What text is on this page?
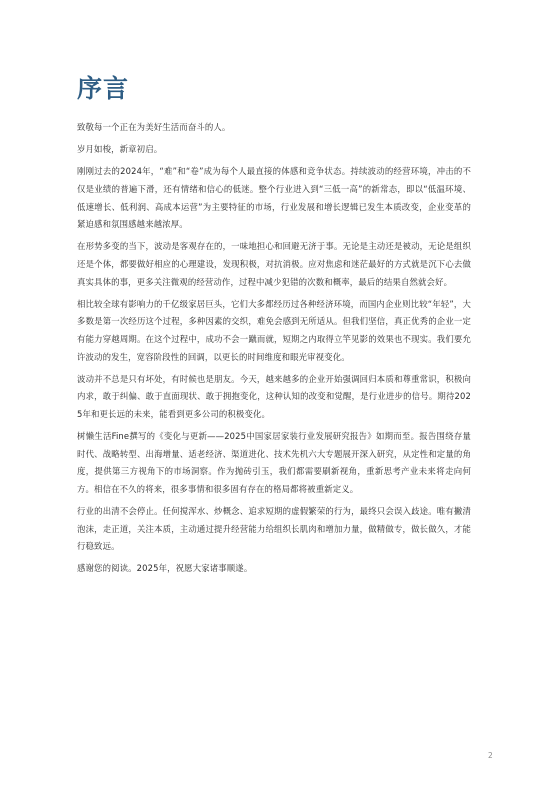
序言

致敬每一个正在为美好生活而奋斗的人。

岁月如梭，新章初启。

刚刚过去的2024年，“难”和“卷”成为每个人最直接的体感和竞争状态。持续波动的经营环境，冲击的不仅是业绩的普遍下滑，还有情绪和信心的低迷。整个行业进入到“三低一高”的新常态，即以“低温环境、低速增长、低利润、高成本运营”为主要特征的市场，行业发展和增长逻辑已发生本质改变，企业变革的紧迫感和氛围感越来越浓厚。

在形势多变的当下，波动是客观存在的，一味地担心和回避无济于事。无论是主动还是被动，无论是组织还是个体，都要做好相应的心理建设，发现积极，对抗消极。应对焦虑和迷茫最好的方式就是沉下心去做真实具体的事，更多关注微观的经营动作，过程中减少犯错的次数和概率，最后的结果自然就会好。

相比较全球有影响力的千亿级家居巨头，它们大多都经历过各种经济环境，而国内企业则比较“年轻”，大多数是第一次经历这个过程，多种因素的交织，难免会感到无所适从。但我们坚信，真正优秀的企业一定有能力穿越周期。在这个过程中，成功不会一蹴而就，短期之内取得立竿见影的效果也不现实。我们要允许波动的发生，宽容阶段性的回调，以更长的时间维度和眼光审视变化。

波动并不总是只有坏处，有时候也是朋友。今天，越来越多的企业开始强调回归本质和尊重常识，积极向内求，敢于纠偏、敢于直面现状、敢于拥抱变化，这种认知的改变和觉醒，是行业进步的信号。期待2025年和更长远的未来，能看到更多公司的积极变化。

树懒生活Fine撰写的《变化与更新——2025中国家居家装行业发展研究报告》如期而至。报告围绕存量时代、战略转型、出海增量、适老经济、渠道进化、技术先机六大专题展开深入研究，从定性和定量的角度，提供第三方视角下的市场洞察。作为抛砖引玉，我们都需要刷新视角，重新思考产业未来将走向何方。相信在不久的将来，很多事情和很多固有存在的格局都将被重新定义。

行业的出清不会停止。任何搅浑水、炒概念、追求短期的虚假繁荣的行为，最终只会误入歧途。唯有撇清泡沫，走正道，关注本质，主动通过提升经营能力给组织长肌肉和增加力量，做精做专，做长做久，才能行稳致远。

感谢您的阅读。2025年，祝愿大家诸事顺遂。

2
